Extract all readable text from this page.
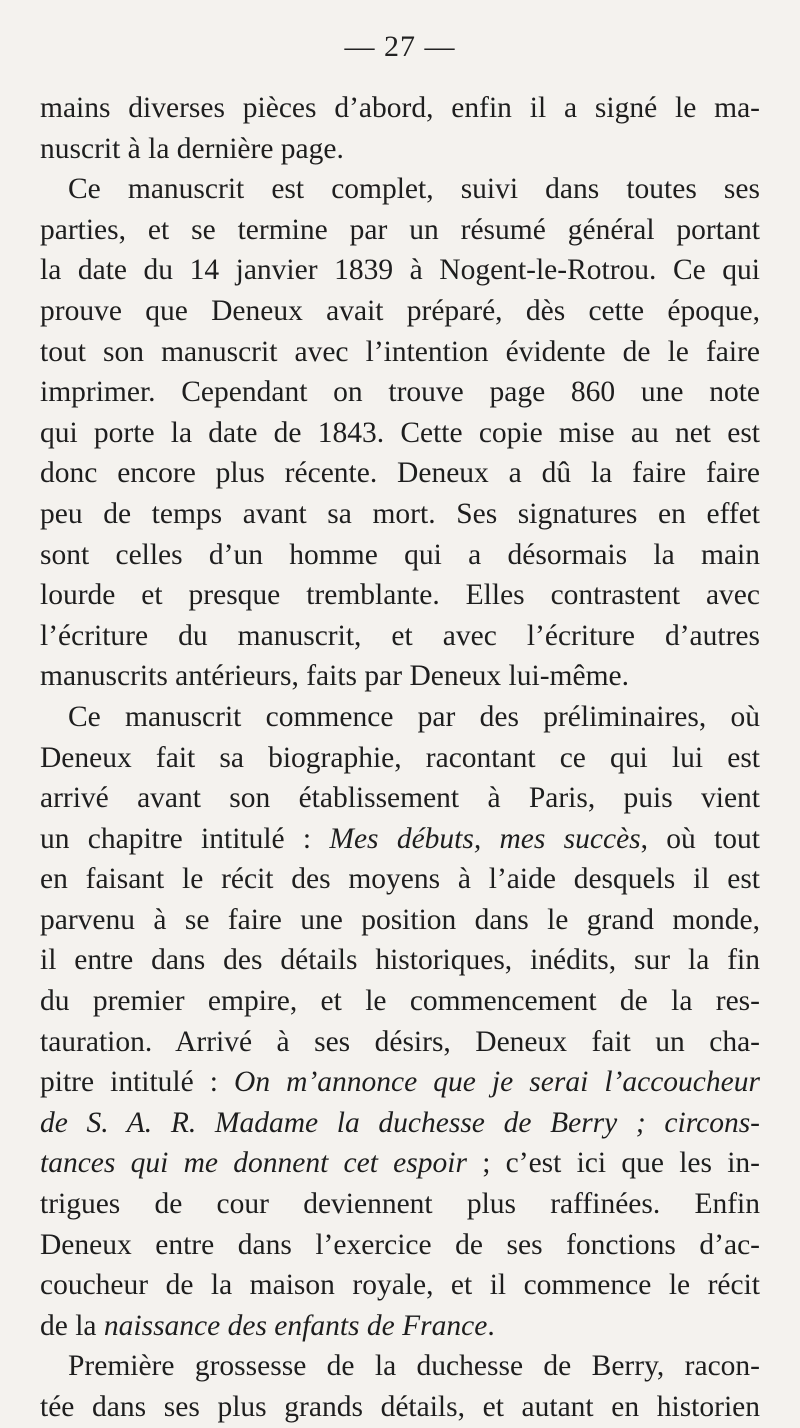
— 27 —
mains diverses pièces d’abord, enfin il a signé le ma-
nuscrit à la dernière page.
Ce manuscrit est complet, suivi dans toutes ses
parties, et se termine par un résumé général portant
la date du 14 janvier 1839 à Nogent-le-Rotrou. Ce qui
prouve que Deneux avait préparé, dès cette époque,
tout son manuscrit avec l’intention évidente de le faire
imprimer. Cependant on trouve page 860 une note
qui porte la date de 1843. Cette copie mise au net est
donc encore plus récente. Deneux a dû la faire faire
peu de temps avant sa mort. Ses signatures en effet
sont celles d’un homme qui a désormais la main
lourde et presque tremblante. Elles contrastent avec
l’écriture du manuscrit, et avec l’écriture d’autres
manuscrits antérieurs, faits par Deneux lui-même.
Ce manuscrit commence par des préliminaires, où
Deneux fait sa biographie, racontant ce qui lui est
arrivé avant son établissement à Paris, puis vient
un chapitre intitulé : Mes débuts, mes succès, où tout
en faisant le récit des moyens à l’aide desquels il est
parvenu à se faire une position dans le grand monde,
il entre dans des détails historiques, inédits, sur la fin
du premier empire, et le commencement de la res-
tauration. Arrivé à ses désirs, Deneux fait un cha-
pitre intitulé : On m’annonce que je serai l’accoucheur
de S. A. R. Madame la duchesse de Berry ; circons-
tances qui me donnent cet espoir ; c’est ici que les in-
trigues de cour deviennent plus raffinées. Enfin
Deneux entre dans l’exercice de ses fonctions d’ac-
coucheur de la maison royale, et il commence le récit
de la naissance des enfants de France.
Première grossesse de la duchesse de Berry, racon-
tée dans ses plus grands détails, et autant en historien
